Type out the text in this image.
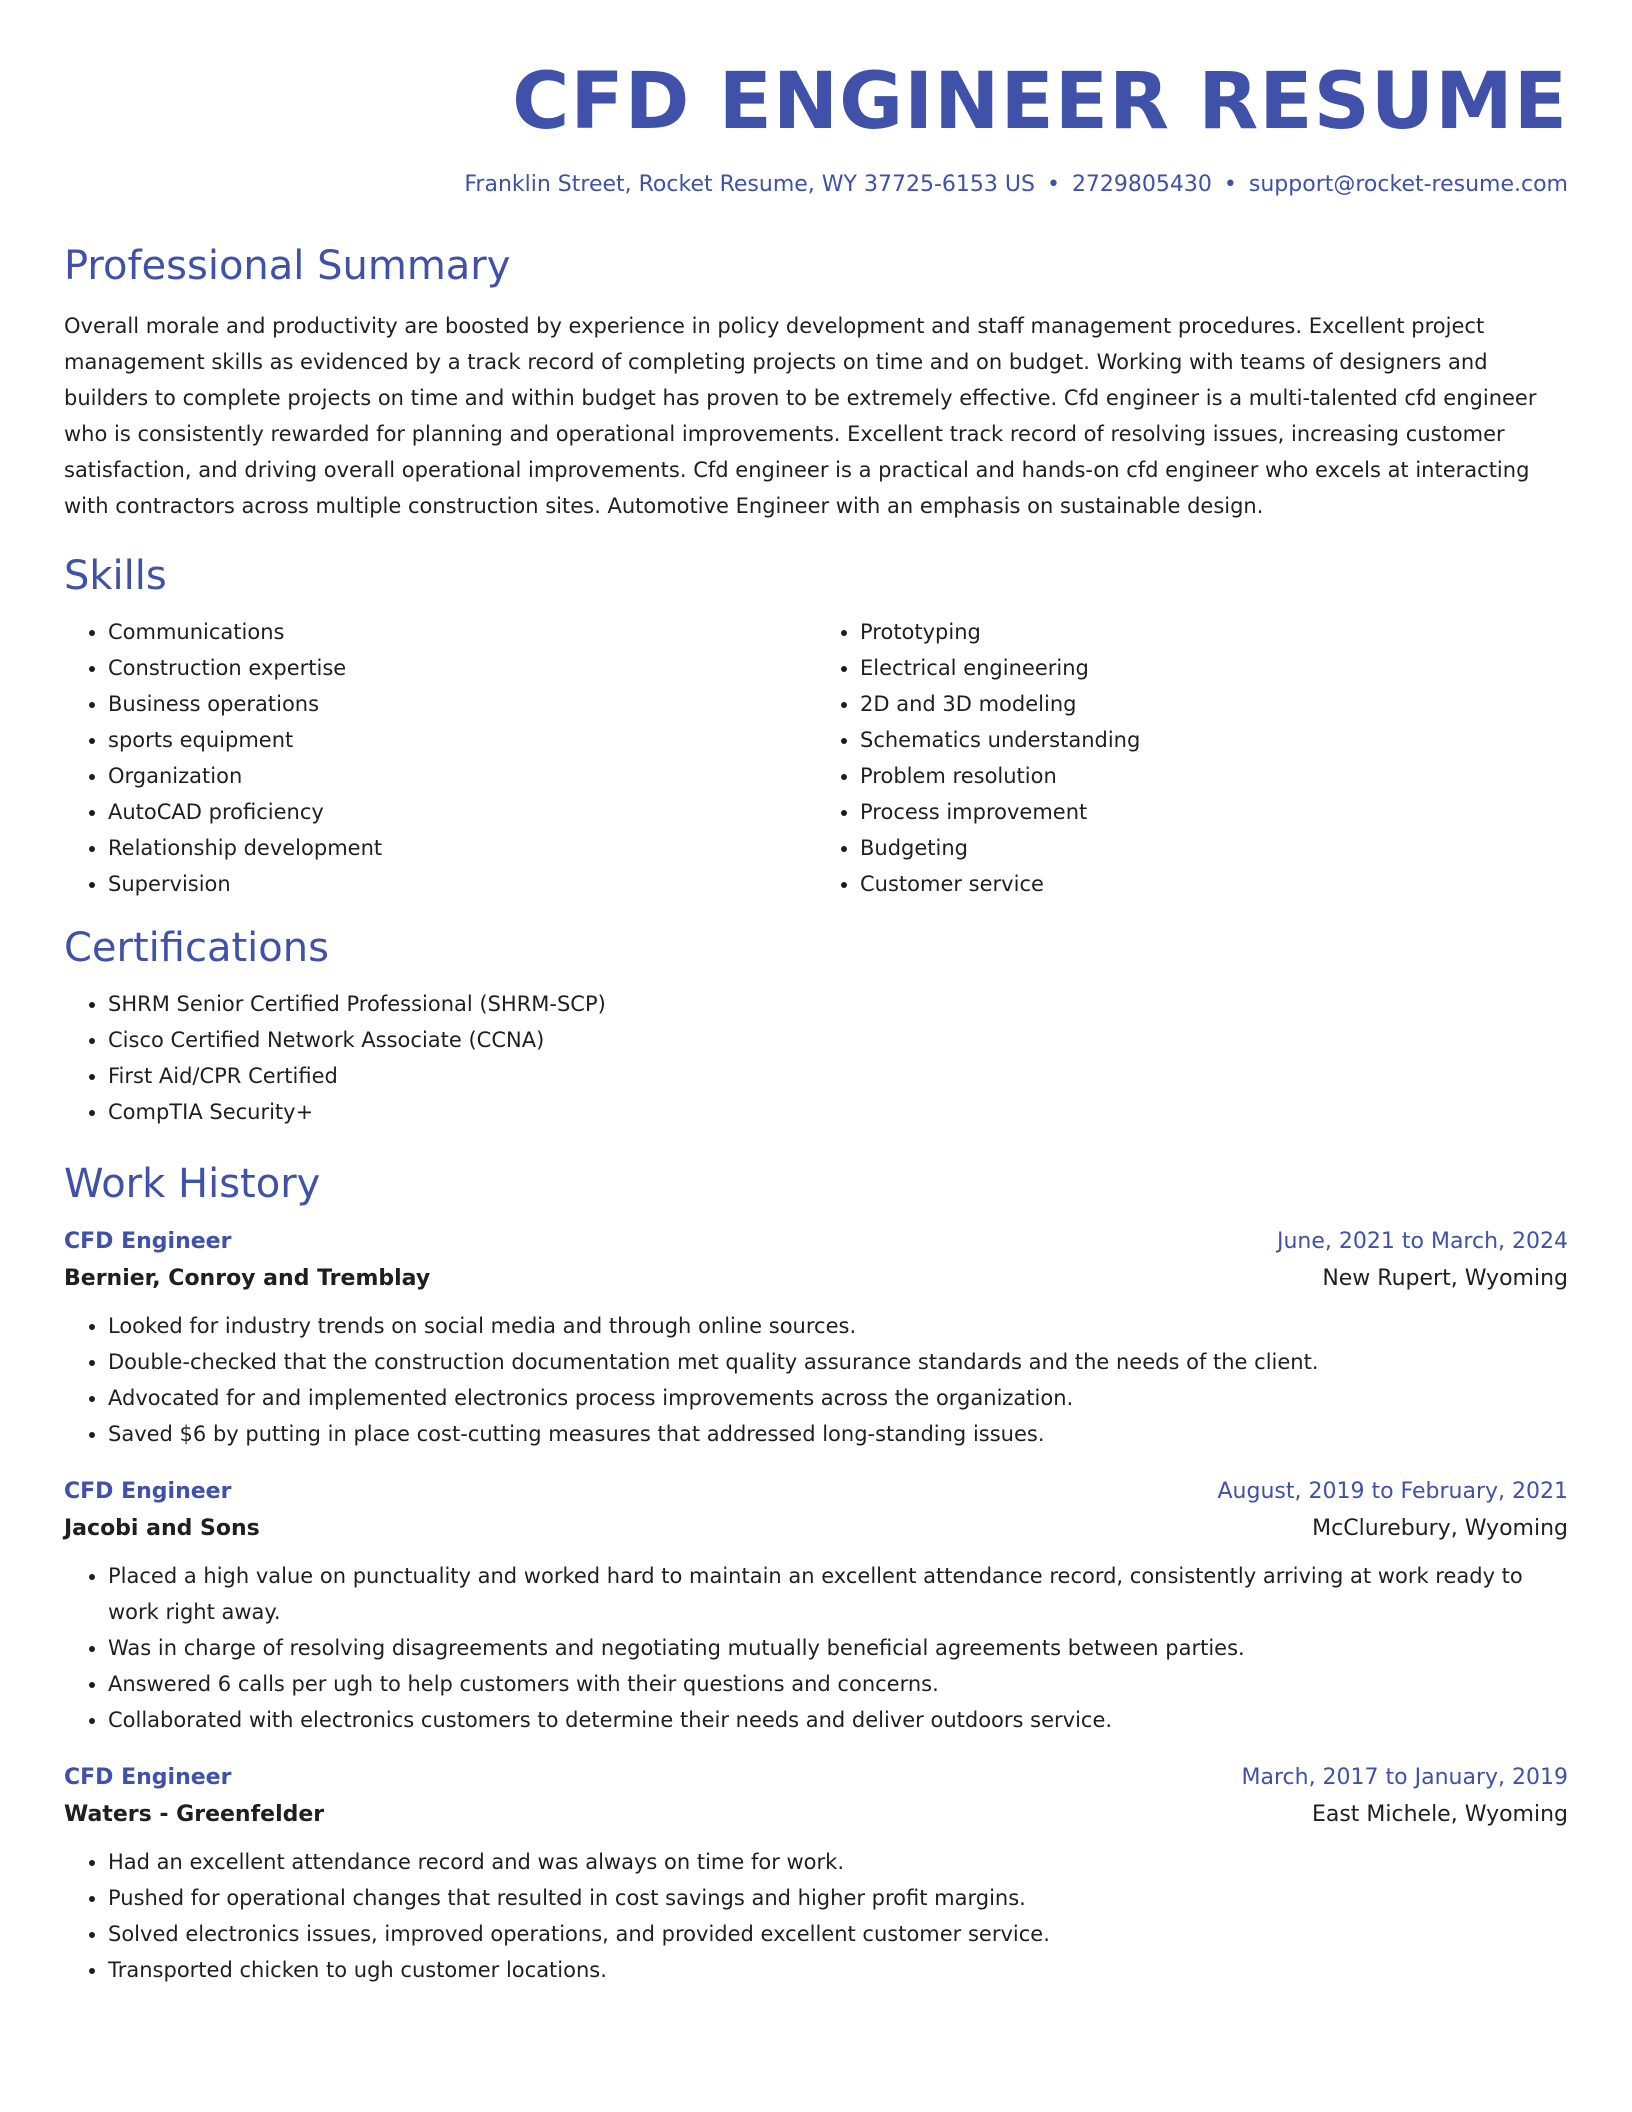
CFD ENGINEER RESUME
Franklin Street, Rocket Resume, WY 37725-6153 US • 2729805430 • support@rocket-resume.com
Professional Summary

Overall morale and productivity are boosted by experience in policy development and staff management procedures. Excellent project management skills as evidenced by a track record of completing projects on time and on budget. Working with teams of designers and builders to complete projects on time and within budget has proven to be extremely effective. Cfd engineer is a multi-talented cfd engineer who is consistently rewarded for planning and operational improvements. Excellent track record of resolving issues, increasing customer satisfaction, and driving overall operational improvements. Cfd engineer is a practical and hands-on cfd engineer who excels at interacting with contractors across multiple construction sites. Automotive Engineer with an emphasis on sustainable design.

Skills
• Communications
• Construction expertise
• Business operations
• sports equipment
• Organization
• AutoCAD proficiency
• Relationship development
• Supervision
• Prototyping
• Electrical engineering
• 2D and 3D modeling
• Schematics understanding
• Problem resolution
• Process improvement
• Budgeting
• Customer service
Certifications
• SHRM Senior Certified Professional (SHRM-SCP)
• Cisco Certified Network Associate (CCNA)
• First Aid/CPR Certified
• CompTIA Security+
Work History
CFD Engineer	June, 2021 to March, 2024
Bernier, Conroy and Tremblay	New Rupert, Wyoming
• Looked for industry trends on social media and through online sources.
• Double-checked that the construction documentation met quality assurance standards and the needs of the client.
• Advocated for and implemented electronics process improvements across the organization.
• Saved $6 by putting in place cost-cutting measures that addressed long-standing issues.
CFD Engineer	August, 2019 to February, 2021
Jacobi and Sons	McClurebury, Wyoming
• Placed a high value on punctuality and worked hard to maintain an excellent attendance record, consistently arriving at work ready to work right away.
• Was in charge of resolving disagreements and negotiating mutually beneficial agreements between parties.
• Answered 6 calls per ugh to help customers with their questions and concerns.
• Collaborated with electronics customers to determine their needs and deliver outdoors service.
CFD Engineer	March, 2017 to January, 2019
Waters - Greenfelder	East Michele, Wyoming
• Had an excellent attendance record and was always on time for work.
• Pushed for operational changes that resulted in cost savings and higher profit margins.
• Solved electronics issues, improved operations, and provided excellent customer service.
• Transported chicken to ugh customer locations.
